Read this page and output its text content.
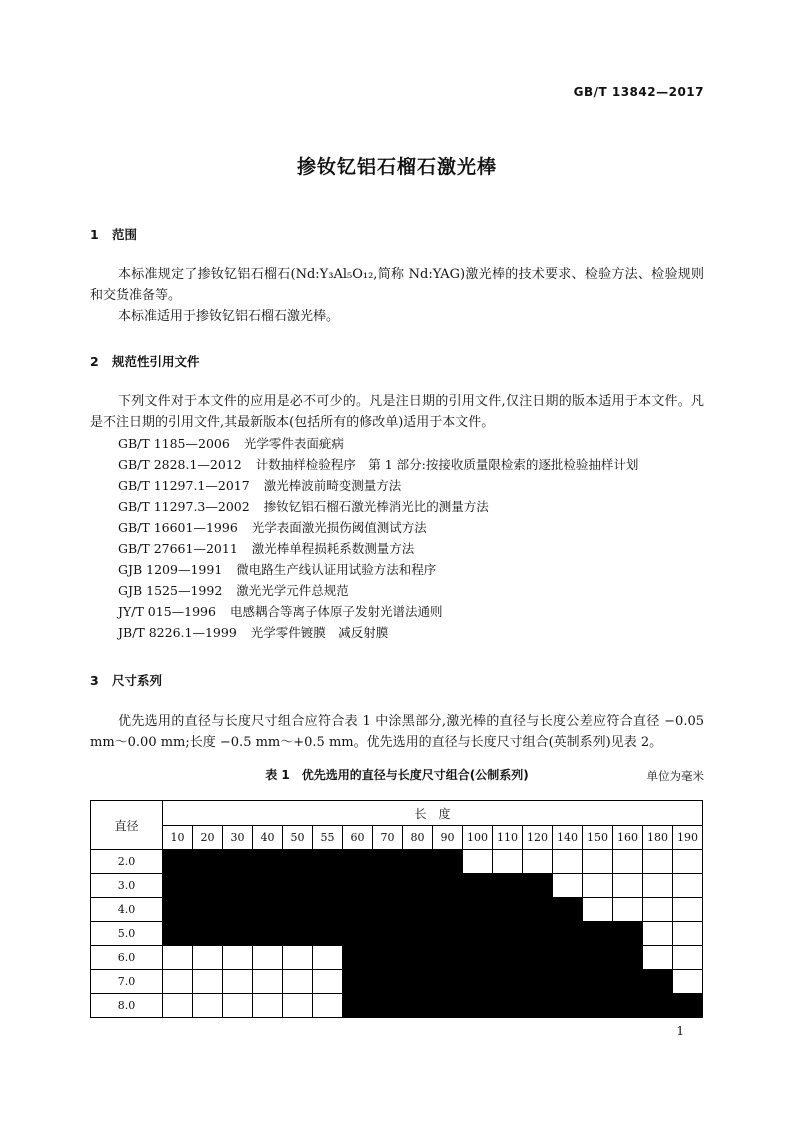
GB/T 13842—2017
掺钕钇铝石榴石激光棒
1 范围

本标准规定了掺钕钇铝石榴石(Nd:Y₃Al₅O₁₂,简称 Nd:YAG)激光棒的技术要求、检验方法、检验规则和交货准备等。

本标准适用于掺钕钇铝石榴石激光棒。

2 规范性引用文件

下列文件对于本文件的应用是必不可少的。凡是注日期的引用文件,仅注日期的版本适用于本文件。凡是不注日期的引用文件,其最新版本(包括所有的修改单)适用于本文件。

GB/T 1185—2006 光学零件表面疵病
GB/T 2828.1—2012 计数抽样检验程序　第 1 部分:按接收质量限检索的逐批检验抽样计划
GB/T 11297.1—2017 激光棒波前畸变测量方法
GB/T 11297.3—2002 掺钕钇铝石榴石激光棒消光比的测量方法
GB/T 16601—1996 光学表面激光损伤阈值测试方法
GB/T 27661—2011 激光棒单程损耗系数测量方法
GJB 1209—1991 微电路生产线认证用试验方法和程序
GJB 1525—1992 激光光学元件总规范
JY/T 015—1996 电感耦合等离子体原子发射光谱法通则
JB/T 8226.1—1999 光学零件镀膜　减反射膜
3 尺寸系列

优先选用的直径与长度尺寸组合应符合表 1 中涂黑部分,激光棒的直径与长度公差应符合直径 −0.05 mm～0.00 mm;长度 −0.5 mm～+0.5 mm。优先选用的直径与长度尺寸组合(英制系列)见表 2。

表 1　优先选用的直径与长度尺寸组合(公制系列)	单位为毫米
直径	长　度																	
	10	20	30	40	50	55	60	70	80	90	100	110	120	140	150	160	180	190
2.0																		
3.0																		
4.0																		
5.0																		
6.0																		
7.0																		
8.0																		
1
